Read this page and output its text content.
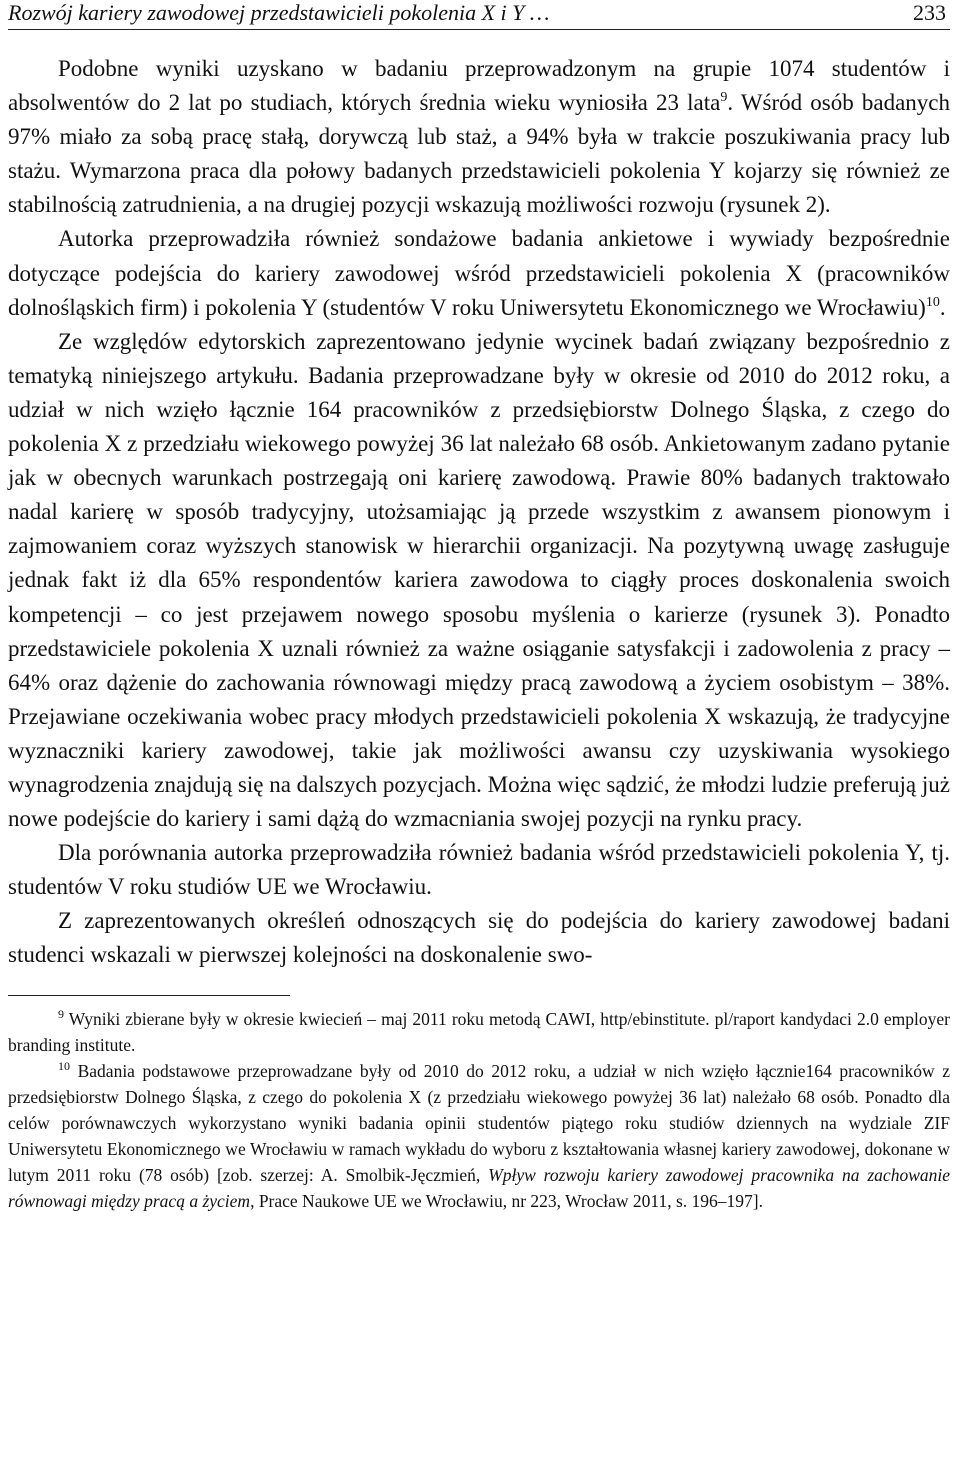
Rozwój kariery zawodowej przedstawicieli pokolenia X i Y …	233

Podobne wyniki uzyskano w badaniu przeprowadzonym na grupie 1074 studentów i absolwentów do 2 lat po studiach, których średnia wieku wyniosiła 23 lata$^9$. Wśród osób badanych 97% miało za sobą pracę stałą, dorywczą lub staż, a 94% była w trakcie poszukiwania pracy lub stażu. Wymarzona praca dla połowy badanych przedstawicieli pokolenia Y kojarzy się również ze stabilnością zatrudnienia, a na drugiej pozycji wskazują możliwości rozwoju (rysunek 2).

Autorka przeprowadziła również sondażowe badania ankietowe i wywiady bezpośrednie dotyczące podejścia do kariery zawodowej wśród przedstawicieli pokolenia X (pracowników dolnośląskich firm) i pokolenia Y (studentów V roku Uniwersytetu Ekonomicznego we Wrocławiu)$^{10}$.

Ze względów edytorskich zaprezentowano jedynie wycinek badań związany bezpośrednio z tematyką niniejszego artykułu. Badania przeprowadzane były w okresie od 2010 do 2012 roku, a udział w nich wzięło łącznie 164 pracowników z przedsiębiorstw Dolnego Śląska, z czego do pokolenia X z przedziału wiekowego powyżej 36 lat należało 68 osób. Ankietowanym zadano pytanie jak w obecnych warunkach postrzegają oni karierę zawodową. Prawie 80% badanych traktowało nadal karierę w sposób tradycyjny, utożsamiając ją przede wszystkim z awansem pionowym i zajmowaniem coraz wyższych stanowisk w hierarchii organizacji. Na pozytywną uwagę zasługuje jednak fakt iż dla 65% respondentów kariera zawodowa to ciągły proces doskonalenia swoich kompetencji – co jest przejawem nowego sposobu myślenia o karierze (rysunek 3). Ponadto przedstawiciele pokolenia X uznali również za ważne osiąganie satysfakcji i zadowolenia z pracy – 64% oraz dążenie do zachowania równowagi między pracą zawodową a życiem osobistym – 38%. Przejawiane oczekiwania wobec pracy młodych przedstawicieli pokolenia X wskazują, że tradycyjne wyznaczniki kariery zawodowej, takie jak możliwości awansu czy uzyskiwania wysokiego wynagrodzenia znajdują się na dalszych pozycjach. Można więc sądzić, że młodzi ludzie preferują już nowe podejście do kariery i sami dążą do wzmacniania swojej pozycji na rynku pracy.

Dla porównania autorka przeprowadziła również badania wśród przedstawicieli pokolenia Y, tj. studentów V roku studiów UE we Wrocławiu.

Z zaprezentowanych określeń odnoszących się do podejścia do kariery zawodowej badani studenci wskazali w pierwszej kolejności na doskonalenie swo-

$^9$ Wyniki zbierane były w okresie kwiecień – maj 2011 roku metodą CAWI, http/ebinstitute. pl/raport kandydaci 2.0 employer branding institute.

$^{10}$ Badania podstawowe przeprowadzane były od 2010 do 2012 roku, a udział w nich wzięło łącznie164 pracowników z przedsiębiorstw Dolnego Śląska, z czego do pokolenia X (z przedziału wiekowego powyżej 36 lat) należało 68 osób. Ponadto dla celów porównawczych wykorzystano wyniki badania opinii studentów piątego roku studiów dziennych na wydziale ZIF Uniwersytetu Ekonomicznego we Wrocławiu w ramach wykładu do wyboru z kształtowania własnej kariery zawodowej, dokonane w lutym 2011 roku (78 osób) [zob. szerzej: A. Smolbik-Jęczmień, Wpływ rozwoju kariery zawodowej pracownika na zachowanie równowagi między pracą a życiem, Prace Naukowe UE we Wrocławiu, nr 223, Wrocław 2011, s. 196–197].
